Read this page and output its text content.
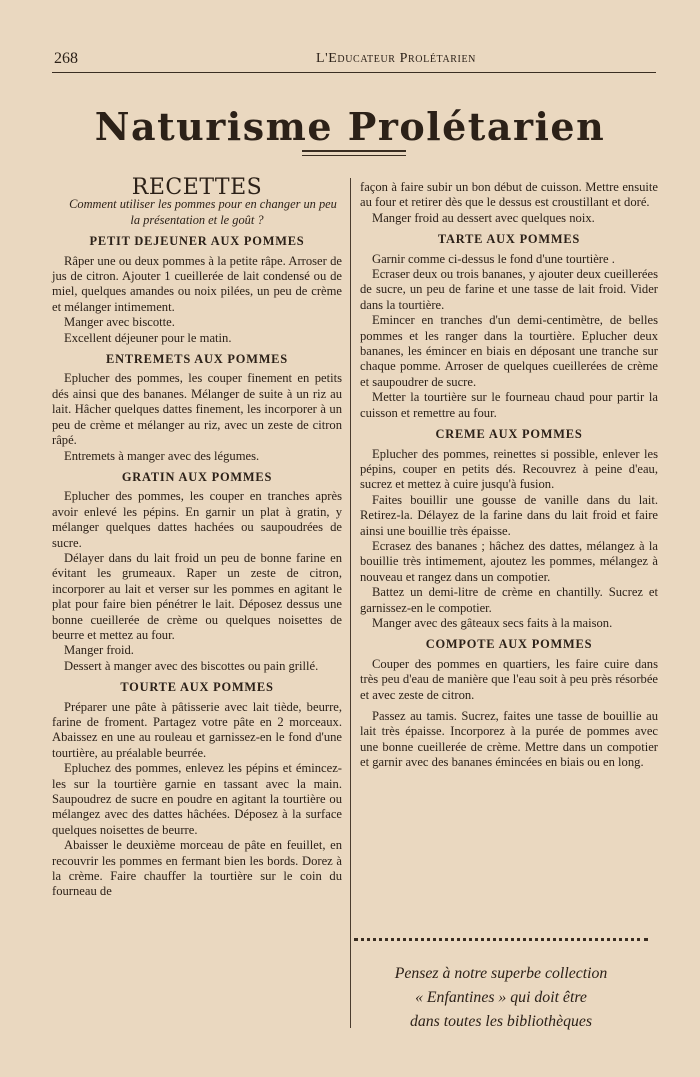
268	L'Educateur Prolétarien
Naturisme Prolétarien
RECETTES

Comment utiliser les pommes pour en changer un peu la présentation et le goût ?

PETIT DEJEUNER AUX POMMES

Râper une ou deux pommes à la petite râpe. Arroser de jus de citron. Ajouter 1 cueillerée de lait condensé ou de miel, quelques amandes ou noix pilées, un peu de crème et mélanger intimement.

Manger avec biscotte.

Excellent déjeuner pour le matin.

ENTREMETS AUX POMMES

Eplucher des pommes, les couper finement en petits dés ainsi que des bananes. Mélanger de suite à un riz au lait. Hâcher quelques dattes finement, les incorporer à un peu de crème et mélanger au riz, avec un zeste de citron râpé.

Entremets à manger avec des légumes.

GRATIN AUX POMMES

Eplucher des pommes, les couper en tranches après avoir enlevé les pépins. En garnir un plat à gratin, y mélanger quelques dattes hachées ou saupoudrées de sucre.

Délayer dans du lait froid un peu de bonne farine en évitant les grumeaux. Raper un zeste de citron, incorporer au lait et verser sur les pommes en agitant le plat pour faire bien pénétrer le lait. Déposez dessus une bonne cueillerée de crème ou quelques noisettes de beurre et mettez au four.

Manger froid.

Dessert à manger avec des biscottes ou pain grillé.

TOURTE AUX POMMES

Préparer une pâte à pâtisserie avec lait tiède, beurre, farine de froment. Partagez votre pâte en 2 morceaux. Abaissez en une au rouleau et garnissez-en le fond d'une tourtière, au préalable beurrée.

Epluchez des pommes, enlevez les pépins et émincez-les sur la tourtière garnie en tassant avec la main. Saupoudrez de sucre en poudre en agitant la tourtière ou mélangez avec des dattes hâchées. Déposez à la surface quelques noisettes de beurre.

Abaisser le deuxième morceau de pâte en feuillet, en recouvrir les pommes en fermant bien les bords. Dorez à la crème. Faire chauffer la tourtière sur le coin du fourneau de

façon à faire subir un bon début de cuisson. Mettre ensuite au four et retirer dès que le dessus est croustillant et doré.

Manger froid au dessert avec quelques noix.

TARTE AUX POMMES

Garnir comme ci-dessus le fond d'une tourtière .

Ecraser deux ou trois bananes, y ajouter deux cueillerées de sucre, un peu de farine et une tasse de lait froid. Vider dans la tourtière.

Emincer en tranches d'un demi-centimètre, de belles pommes et les ranger dans la tourtière. Eplucher deux bananes, les émincer en biais en déposant une tranche sur chaque pomme. Arroser de quelques cueillerées de crème et saupoudrer de sucre.

Metter la tourtière sur le fourneau chaud pour partir la cuisson et remettre au four.

CREME AUX POMMES

Eplucher des pommes, reinettes si possible, enlever les pépins, couper en petits dés. Recouvrez à peine d'eau, sucrez et mettez à cuire jusqu'à fusion.

Faites bouillir une gousse de vanille dans du lait. Retirez-la. Délayez de la farine dans du lait froid et faire ainsi une bouillie très épaisse.

Ecrasez des bananes ; hâchez des dattes, mélangez à la bouillie très intimement, ajoutez les pommes, mélangez à nouveau et rangez dans un compotier.

Battez un demi-litre de crème en chantilly. Sucrez et garnissez-en le compotier.

Manger avec des gâteaux secs faits à la maison.

COMPOTE AUX POMMES

Couper des pommes en quartiers, les faire cuire dans très peu d'eau de manière que l'eau soit à peu près résorbée et avec zeste de citron.

Passez au tamis. Sucrez, faites une tasse de bouillie au lait très épaisse. Incorporez à la purée de pommes avec une bonne cueillerée de crème. Mettre dans un compotier et garnir avec des bananes émincées en biais ou en long.

Pensez à notre superbe collection
« Enfantines » qui doit être
dans toutes les bibliothèques
